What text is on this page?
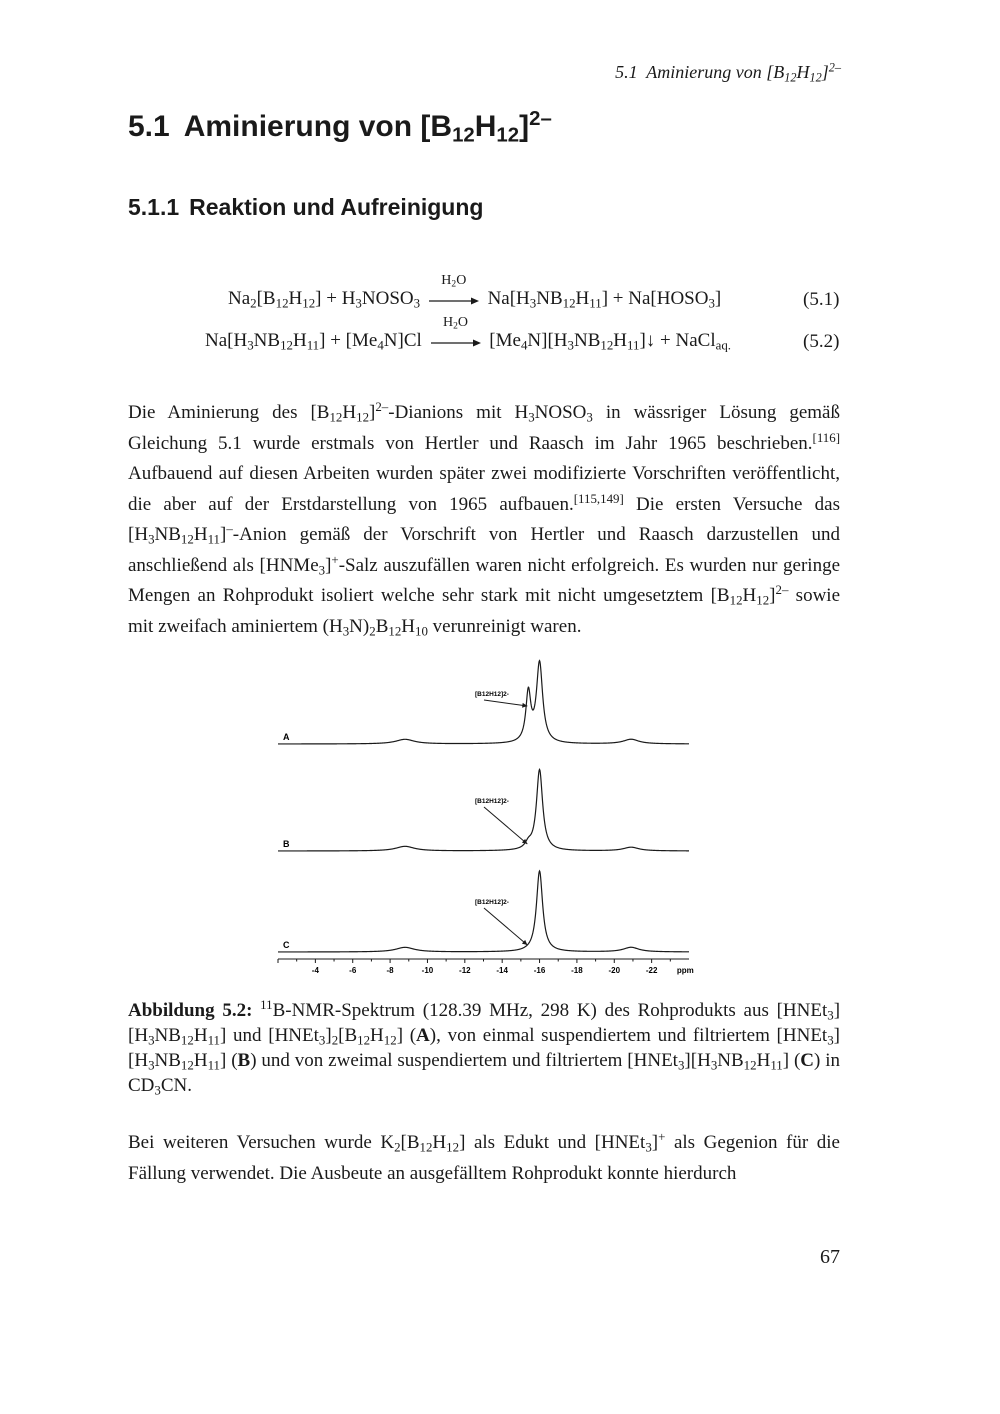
5.1  Aminierung von $[B_{12}H_{12}]^{2-}$
5.1 Aminierung von $[B_{12}H_{12}]^{2-}$
5.1.1 Reaktion und Aufreinigung
$Na_2[B_{12}H_{12}]$ + $H_3NOSO_3$
$H_2O$
$Na[H_3NB_{12}H_{11}]$ + $Na[HOSO_3]$	(5.1)
$Na[H_3NB_{12}H_{11}] + [Me_4N]Cl$
$H_2O$
$[Me_4N][H_3NB_{12}H_{11}]↓$ + NaCl$_{aq.}$	(5.2)

Die Aminierung des $[B_{12}H_{12}]^{2-}$-Dianions mit $H_3NOSO_3$ in wässriger Lösung gemäß Gleichung 5.1 wurde erstmals von Hertler und Raasch im Jahr 1965 beschrieben.[116] Aufbauend auf diesen Arbeiten wurden später zwei modifizierte Vorschriften veröffentlicht, die aber auf der Erstdarstellung von 1965 aufbauen.[115,149] Die ersten Versuche das $[H_3NB_{12}H_{11}]^-$-Anion gemäß der Vorschrift von Hertler und Raasch darzustellen und anschließend als [HNMe$_3$]+-Salz auszufällen waren nicht erfolgreich. Es wurden nur geringe Mengen an Rohprodukt isoliert welche sehr stark mit nicht umgesetztem $[B_{12}H_{12}]^{2-}$ sowie mit zweifach aminiertem $(H_3N)_2B_{12}H_{10}$ verunreinigt waren.

A
B
C
[B12H12]2-
[B12H12]2-
[B12H12]2-
-4	-6	-8	-10	-12	-14	-16	-18	-20	-22 ppm
Abbildung 5.2: $^{11}$B-NMR-Spektrum (128.39 MHz, 298 K) des Rohprodukts aus $[HNEt_3][H_3NB_{12}H_{11}]$ und $[HNEt_3]_2[B_{12}H_{12}]$ (A), von einmal suspendiertem und filtriertem $[HNEt_3][H_3NB_{12}H_{11}]$ (B) und von zweimal suspendiertem und filtriertem $[HNEt_3][H_3NB_{12}H_{11}]$ (C) in $CD_3CN$.

Bei weiteren Versuchen wurde $K_2[B_{12}H_{12}]$ als Edukt und [HNEt$_3$]+ als Gegenion für die Fällung verwendet. Die Ausbeute an ausgefälltem Rohprodukt konnte hierdurch

67
